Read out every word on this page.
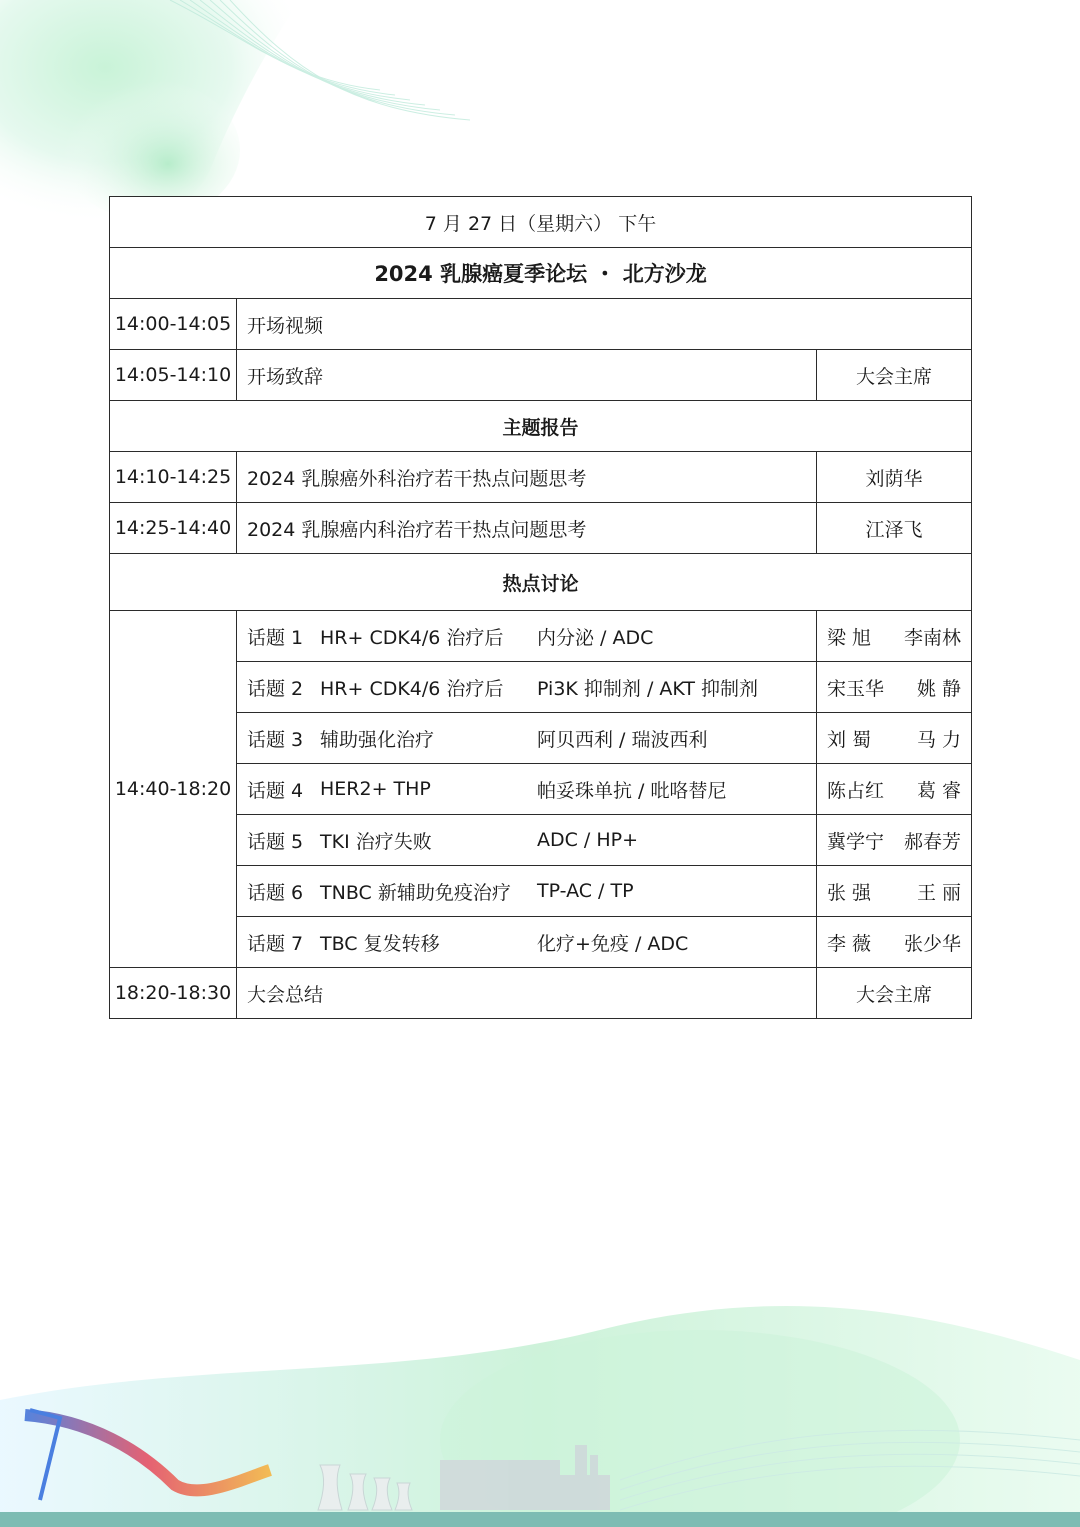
7 月 27 日（星期六） 下午		
2024 乳腺癌夏季论坛 ・ 北方沙龙		
14:00-14:05	开场视频	
14:05-14:10	开场致辞	大会主席
主题报告		
14:10-14:25	2024 乳腺癌外科治疗若干热点问题思考	刘荫华
14:25-14:40	2024 乳腺癌内科治疗若干热点问题思考	江泽飞
热点讨论		
14:40-18:20	话题 1 HR+ CDK4/6 治疗后 内分泌 / ADC	梁 旭 李南林

	话题 2 HR+ CDK4/6 治疗后 Pi3K 抑制剂 / AKT 抑制剂	宋玉华 姚 静

	话题 3 辅助强化治疗 阿贝西利 / 瑞波西利	刘 蜀 马 力

	话题 4 HER2+ THP 帕妥珠单抗 / 吡咯替尼	陈占红 葛 睿

	话题 5 TKI 治疗失败 ADC / HP+	冀学宁 郝春芳

	话题 6 TNBC 新辅助免疫治疗 TP-AC / TP	张 强 王 丽

	话题 7 TBC 复发转移 化疗+免疫 / ADC	李 薇 张少华

18:20-18:30	大会总结	大会主席
